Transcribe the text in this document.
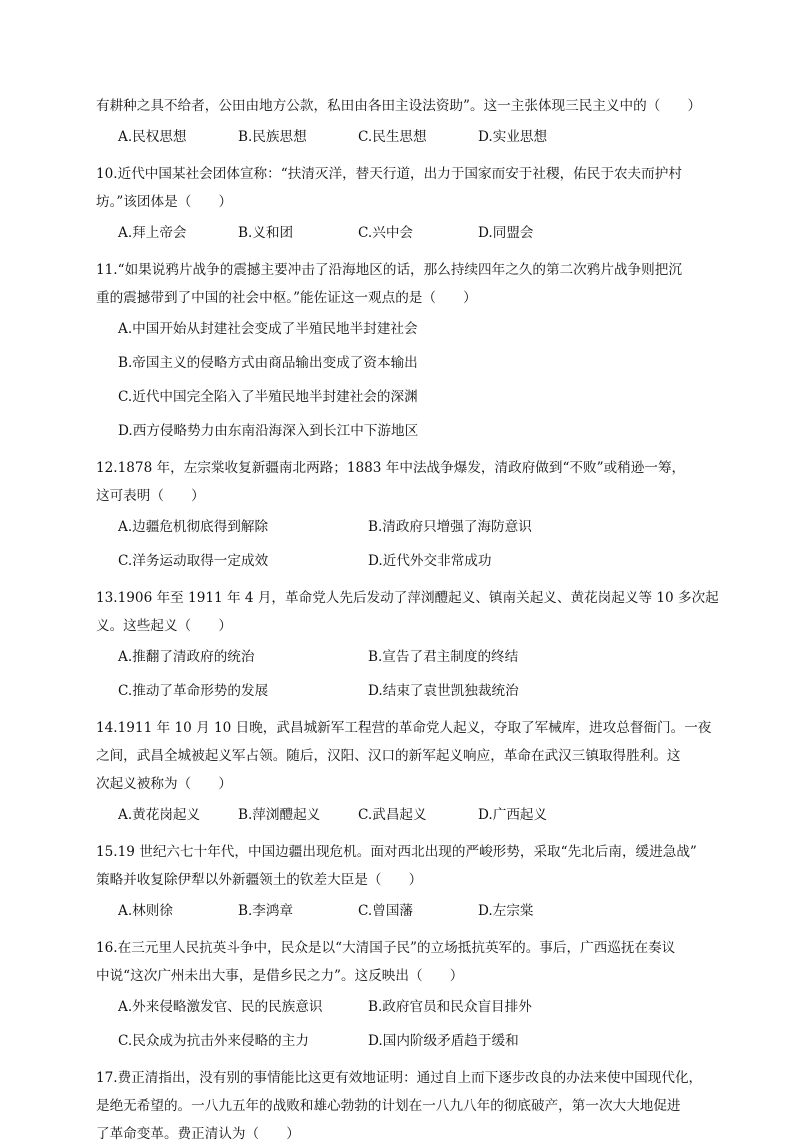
有耕种之具不给者，公田由地方公款，私田由各田主设法资助”。这一主张体现三民主义中的（　　）
A.民权思想	B.民族思想	C.民生思想	D.实业思想
10.近代中国某社会团体宣称：“扶清灭洋，替天行道，出力于国家而安于社稷，佑民于农夫而护村
坊。”该团体是（　　）
A.拜上帝会	B.义和团	C.兴中会	D.同盟会
11.“如果说鸦片战争的震撼主要冲击了沿海地区的话，那么持续四年之久的第二次鸦片战争则把沉
重的震撼带到了中国的社会中枢。”能佐证这一观点的是（　　）
A.中国开始从封建社会变成了半殖民地半封建社会
B.帝国主义的侵略方式由商品输出变成了资本输出
C.近代中国完全陷入了半殖民地半封建社会的深渊
D.西方侵略势力由东南沿海深入到长江中下游地区
12.1878 年，左宗棠收复新疆南北两路；1883 年中法战争爆发，清政府做到“不败”或稍逊一筹，
这可表明（　　）
A.边疆危机彻底得到解除	B.清政府只增强了海防意识
C.洋务运动取得一定成效	D.近代外交非常成功
13.1906 年至 1911 年 4 月，革命党人先后发动了萍浏醴起义、镇南关起义、黄花岗起义等 10 多次起
义。这些起义（　　）
A.推翻了清政府的统治	B.宣告了君主制度的终结
C.推动了革命形势的发展	D.结束了袁世凯独裁统治
14.1911 年 10 月 10 日晚，武昌城新军工程营的革命党人起义，夺取了军械库，进攻总督衙门。一夜
之间，武昌全城被起义军占领。随后，汉阳、汉口的新军起义响应，革命在武汉三镇取得胜利。这
次起义被称为（　　）
A.黄花岗起义	B.萍浏醴起义	C.武昌起义	D.广西起义
15.19 世纪六七十年代，中国边疆出现危机。面对西北出现的严峻形势，采取“先北后南，缓进急战”
策略并收复除伊犁以外新疆领土的钦差大臣是（　　）
A.林则徐	B.李鸿章	C.曾国藩	D.左宗棠
16.在三元里人民抗英斗争中，民众是以“大清国子民”的立场抵抗英军的。事后，广西巡抚在奏议
中说“这次广州未出大事，是借乡民之力”。这反映出（　　）
A.外来侵略激发官、民的民族意识	B.政府官员和民众盲目排外
C.民众成为抗击外来侵略的主力	D.国内阶级矛盾趋于缓和
17.费正清指出，没有别的事情能比这更有效地证明：通过自上而下逐步改良的办法来使中国现代化，
是绝无希望的。一八九五年的战败和雄心勃勃的计划在一八九八年的彻底破产，第一次大大地促进
了革命变革。费正清认为（　　）
